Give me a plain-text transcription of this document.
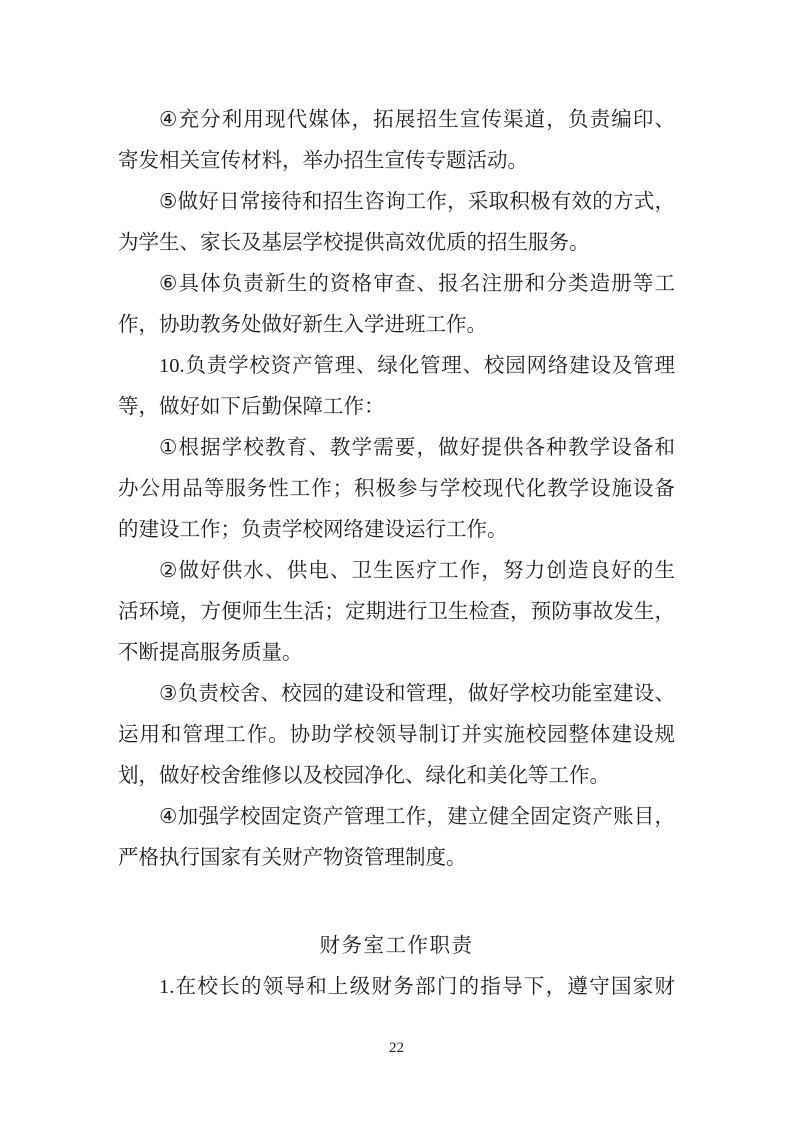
④充分利用现代媒体，拓展招生宣传渠道，负责编印、
寄发相关宣传材料，举办招生宣传专题活动。
⑤做好日常接待和招生咨询工作，采取积极有效的方式，
为学生、家长及基层学校提供高效优质的招生服务。
⑥具体负责新生的资格审查、报名注册和分类造册等工
作，协助教务处做好新生入学进班工作。
10.负责学校资产管理、绿化管理、校园网络建设及管理
等，做好如下后勤保障工作：
①根据学校教育、教学需要，做好提供各种教学设备和
办公用品等服务性工作；积极参与学校现代化教学设施设备
的建设工作；负责学校网络建设运行工作。
②做好供水、供电、卫生医疗工作，努力创造良好的生
活环境，方便师生生活；定期进行卫生检查，预防事故发生，
不断提高服务质量。
③负责校舍、校园的建设和管理，做好学校功能室建设、
运用和管理工作。协助学校领导制订并实施校园整体建设规
划，做好校舍维修以及校园净化、绿化和美化等工作。
④加强学校固定资产管理工作，建立健全固定资产账目，
严格执行国家有关财产物资管理制度。
财务室工作职责
1.在校长的领导和上级财务部门的指导下，遵守国家财
22
